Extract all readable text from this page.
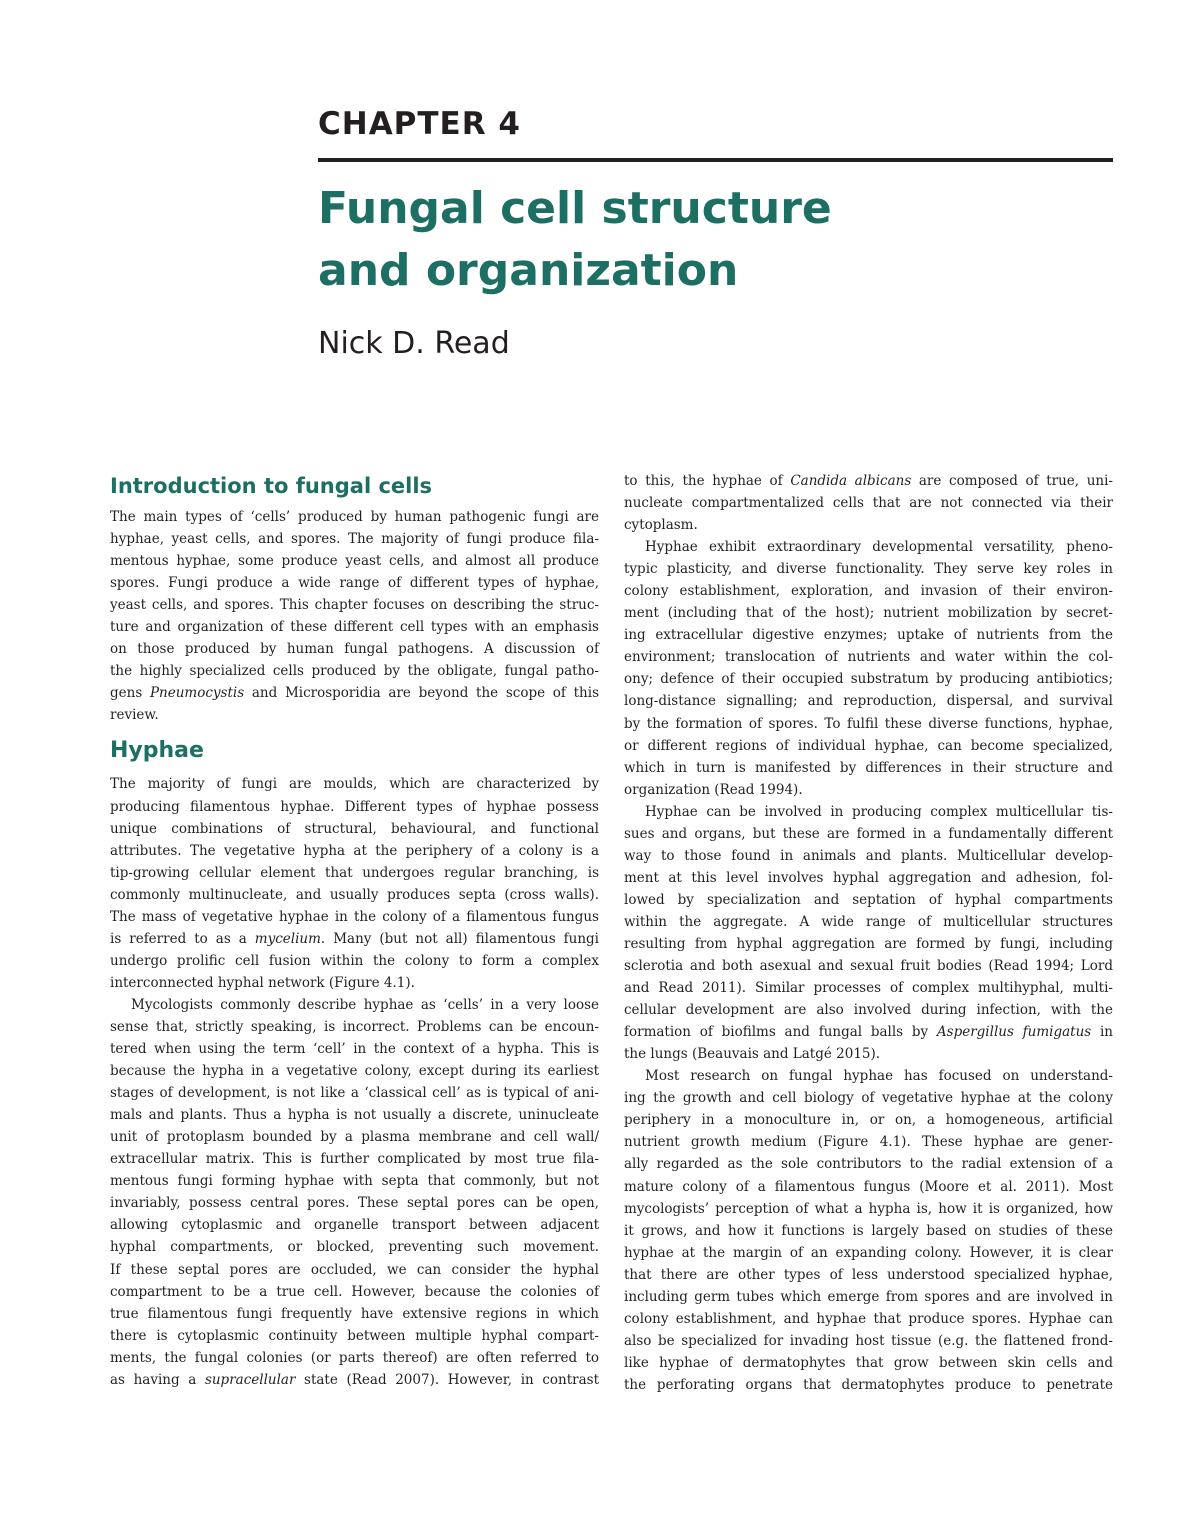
CHAPTER 4
Fungal cell structure
and organization
Nick D. Read
Introduction to fungal cells

The main types of ‘cells’ produced by human pathogenic fungi are
hyphae, yeast cells, and spores. The majority of fungi produce fila-
mentous hyphae, some produce yeast cells, and almost all produce
spores. Fungi produce a wide range of different types of hyphae,
yeast cells, and spores. This chapter focuses on describing the struc-
ture and organization of these different cell types with an emphasis
on those produced by human fungal pathogens. A discussion of
the highly specialized cells produced by the obligate, fungal patho-
gens Pneumocystis and Microsporidia are beyond the scope of this
review.

Hyphae

The majority of fungi are moulds, which are characterized by
producing filamentous hyphae. Different types of hyphae possess
unique combinations of structural, behavioural, and functional
attributes. The vegetative hypha at the periphery of a colony is a
tip-growing cellular element that undergoes regular branching, is
commonly multinucleate, and usually produces septa (cross walls).
The mass of vegetative hyphae in the colony of a filamentous fungus
is referred to as a mycelium. Many (but not all) filamentous fungi
undergo prolific cell fusion within the colony to form a complex
interconnected hyphal network (Figure 4.1).

Mycologists commonly describe hyphae as ‘cells’ in a very loose
sense that, strictly speaking, is incorrect. Problems can be encoun-
tered when using the term ‘cell’ in the context of a hypha. This is
because the hypha in a vegetative colony, except during its earliest
stages of development, is not like a ‘classical cell’ as is typical of ani-
mals and plants. Thus a hypha is not usually a discrete, uninucleate
unit of protoplasm bounded by a plasma membrane and cell wall/
extracellular matrix. This is further complicated by most true fila-
mentous fungi forming hyphae with septa that commonly, but not
invariably, possess central pores. These septal pores can be open,
allowing cytoplasmic and organelle transport between adjacent
hyphal compartments, or blocked, preventing such movement.
If these septal pores are occluded, we can consider the hyphal
compartment to be a true cell. However, because the colonies of
true filamentous fungi frequently have extensive regions in which
there is cytoplasmic continuity between multiple hyphal compart-
ments, the fungal colonies (or parts thereof) are often referred to
as having a supracellular state (Read 2007). However, in contrast

to this, the hyphae of Candida albicans are composed of true, uni-
nucleate compartmentalized cells that are not connected via their
cytoplasm.

Hyphae exhibit extraordinary developmental versatility, pheno-
typic plasticity, and diverse functionality. They serve key roles in
colony establishment, exploration, and invasion of their environ-
ment (including that of the host); nutrient mobilization by secret-
ing extracellular digestive enzymes; uptake of nutrients from the
environment; translocation of nutrients and water within the col-
ony; defence of their occupied substratum by producing antibiotics;
long-distance signalling; and reproduction, dispersal, and survival
by the formation of spores. To fulfil these diverse functions, hyphae,
or different regions of individual hyphae, can become specialized,
which in turn is manifested by differences in their structure and
organization (Read 1994).

Hyphae can be involved in producing complex multicellular tis-
sues and organs, but these are formed in a fundamentally different
way to those found in animals and plants. Multicellular develop-
ment at this level involves hyphal aggregation and adhesion, fol-
lowed by specialization and septation of hyphal compartments
within the aggregate. A wide range of multicellular structures
resulting from hyphal aggregation are formed by fungi, including
sclerotia and both asexual and sexual fruit bodies (Read 1994; Lord
and Read 2011). Similar processes of complex multihyphal, multi-
cellular development are also involved during infection, with the
formation of biofilms and fungal balls by Aspergillus fumigatus in
the lungs (Beauvais and Latgé 2015).

Most research on fungal hyphae has focused on understand-
ing the growth and cell biology of vegetative hyphae at the colony
periphery in a monoculture in, or on, a homogeneous, artificial
nutrient growth medium (Figure 4.1). These hyphae are gener-
ally regarded as the sole contributors to the radial extension of a
mature colony of a filamentous fungus (Moore et al. 2011). Most
mycologists’ perception of what a hypha is, how it is organized, how
it grows, and how it functions is largely based on studies of these
hyphae at the margin of an expanding colony. However, it is clear
that there are other types of less understood specialized hyphae,
including germ tubes which emerge from spores and are involved in
colony establishment, and hyphae that produce spores. Hyphae can
also be specialized for invading host tissue (e.g. the flattened frond-
like hyphae of dermatophytes that grow between skin cells and
the perforating organs that dermatophytes produce to penetrate
